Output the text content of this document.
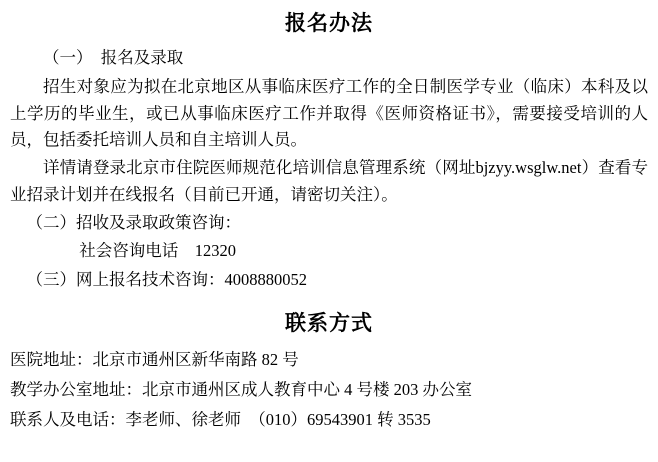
报名办法

（一）　报名及录取

招生对象应为拟在北京地区从事临床医疗工作的全日制医学专业（临床）本科及以上学历的毕业生，或已从事临床医疗工作并取得《医师资格证书》，需要接受培训的人员，包括委托培训人员和自主培训人员。

详情请登录北京市住院医师规范化培训信息管理系统（网址bjzyy.wsglw.net）查看专业招录计划并在线报名（目前已开通，请密切关注）。

（二）招收及录取政策咨询：

社会咨询电话　12320

（三）网上报名技术咨询：4008880052

联系方式

医院地址：北京市通州区新华南路 82 号

教学办公室地址：北京市通州区成人教育中心 4 号楼 203 办公室

联系人及电话：李老师、徐老师　（010）69543901 转 3535
